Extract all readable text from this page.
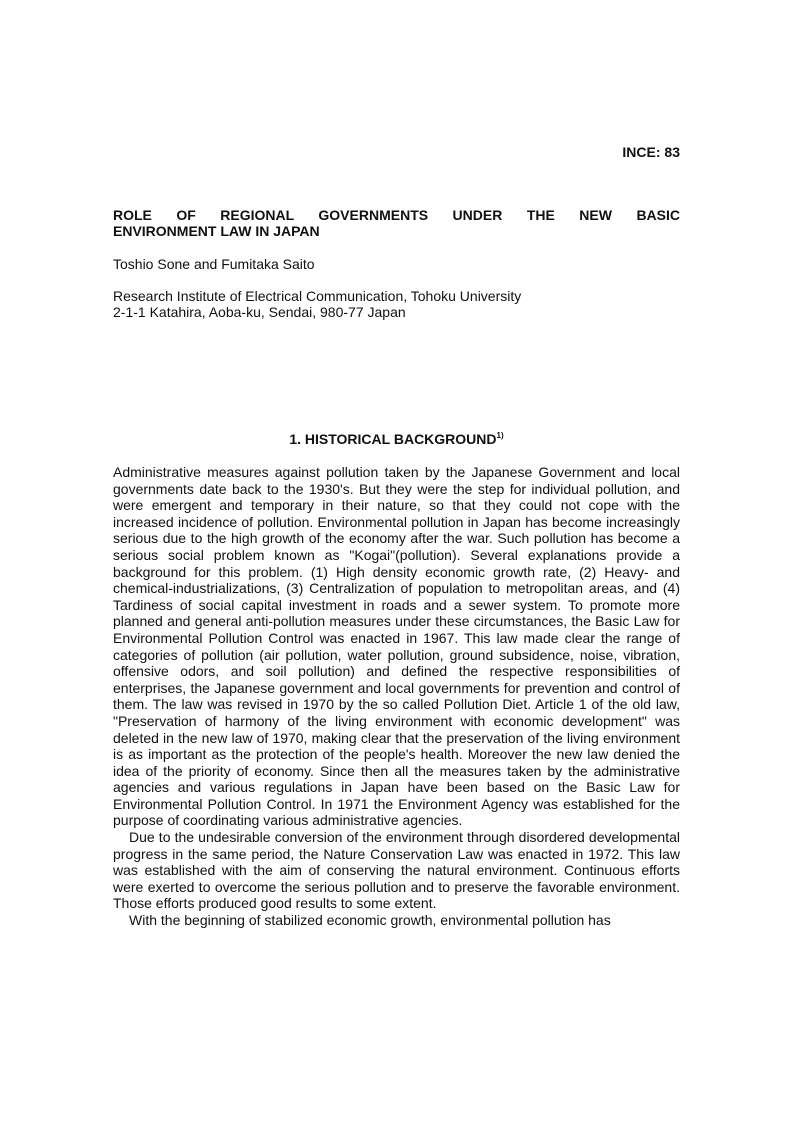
INCE: 83

ROLE OF REGIONAL GOVERNMENTS UNDER THE NEW BASIC
ENVIRONMENT LAW IN JAPAN

Toshio Sone and Fumitaka Saito

Research Institute of Electrical Communication, Tohoku University
2-1-1 Katahira, Aoba-ku, Sendai, 980-77 Japan

1. HISTORICAL BACKGROUND$^{1)}$

Administrative measures against pollution taken by the Japanese Government and local governments date back to the 1930's. But they were the step for individual pollution, and were emergent and temporary in their nature, so that they could not cope with the increased incidence of pollution. Environmental pollution in Japan has become increasingly serious due to the high growth of the economy after the war. Such pollution has become a serious social problem known as "Kogai"(pollution). Several explanations provide a background for this problem. (1) High density economic growth rate, (2) Heavy- and chemical-industrializations, (3) Centralization of population to metropolitan areas, and (4) Tardiness of social capital investment in roads and a sewer system. To promote more planned and general anti-pollution measures under these circumstances, the Basic Law for Environmental Pollution Control was enacted in 1967. This law made clear the range of categories of pollution (air pollution, water pollution, ground subsidence, noise, vibration, offensive odors, and soil pollution) and defined the respective responsibilities of enterprises, the Japanese government and local governments for prevention and control of them. The law was revised in 1970 by the so called Pollution Diet. Article 1 of the old law, "Preservation of harmony of the living environment with economic development" was deleted in the new law of 1970, making clear that the preservation of the living environment is as important as the protection of the people's health. Moreover the new law denied the idea of the priority of economy. Since then all the measures taken by the administrative agencies and various regulations in Japan have been based on the Basic Law for Environmental Pollution Control. In 1971 the Environment Agency was established for the purpose of coordinating various administrative agencies.

Due to the undesirable conversion of the environment through disordered developmental progress in the same period, the Nature Conservation Law was enacted in 1972. This law was established with the aim of conserving the natural environment. Continuous efforts were exerted to overcome the serious pollution and to preserve the favorable environment. Those efforts produced good results to some extent.

With the beginning of stabilized economic growth, environmental pollution has
